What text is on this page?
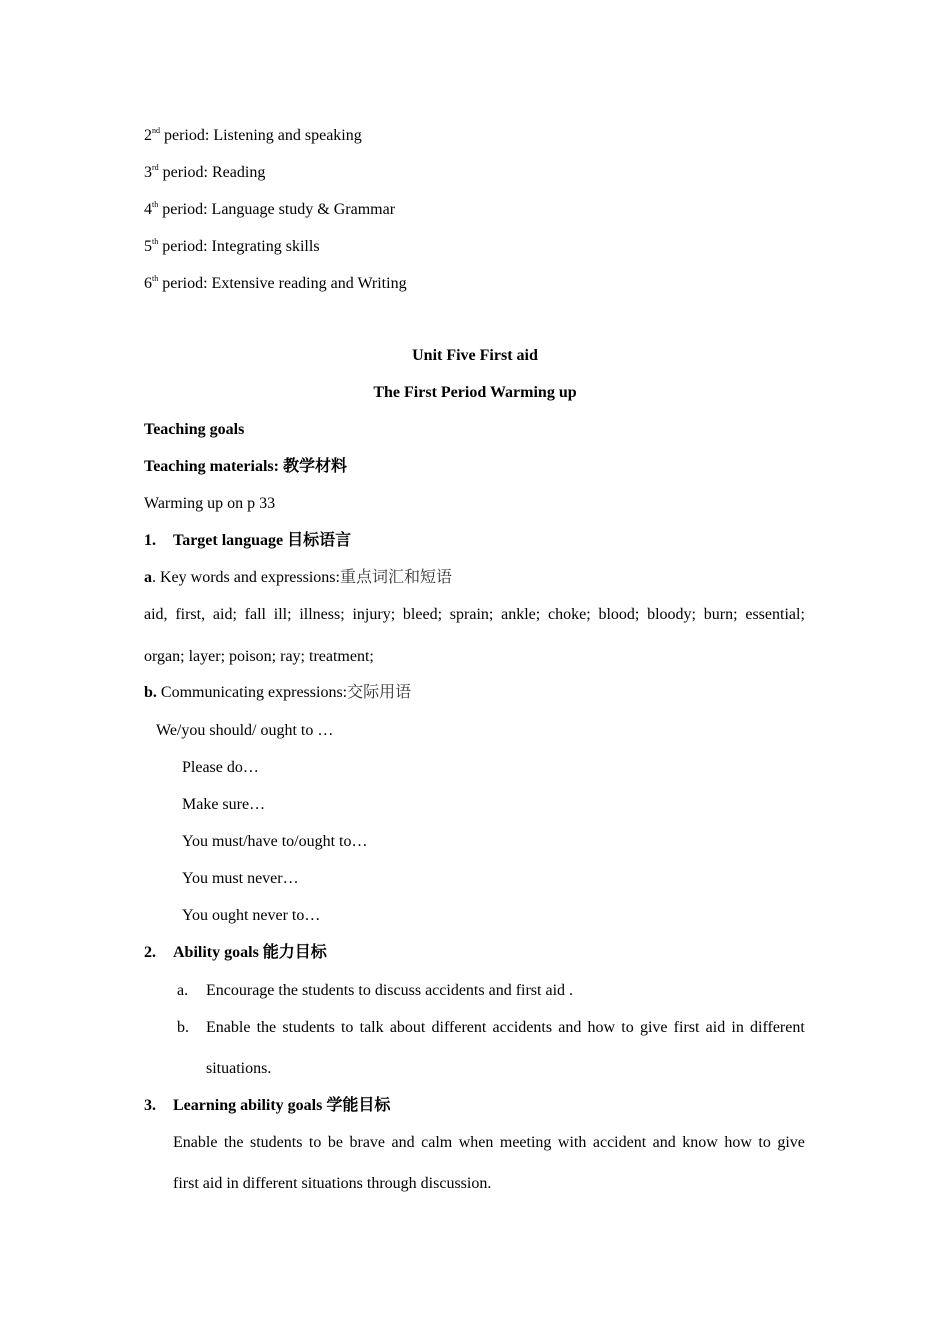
2nd period: Listening and speaking
3rd period: Reading
4th period: Language study & Grammar
5th period: Integrating skills
6th period: Extensive reading and Writing
Unit Five First aid
The First Period Warming up
Teaching goals
Teaching materials: 教学材料
Warming up on p 33
1. Target language 目标语言
a. Key words and expressions:重点词汇和短语
aid, first, aid; fall ill; illness; injury; bleed; sprain; ankle; choke; blood; bloody; burn; essential;
organ; layer; poison; ray; treatment;
b. Communicating expressions:交际用语
We/you should/ ought to …
Please do…
Make sure…
You must/have to/ought to…
You must never…
You ought never to…
2. Ability goals 能力目标
a. Encourage the students to discuss accidents and first aid .
b. Enable the students to talk about different accidents and how to give first aid in different
situations.
3. Learning ability goals 学能目标
Enable the students to be brave and calm when meeting with accident and know how to give
first aid in different situations through discussion.
